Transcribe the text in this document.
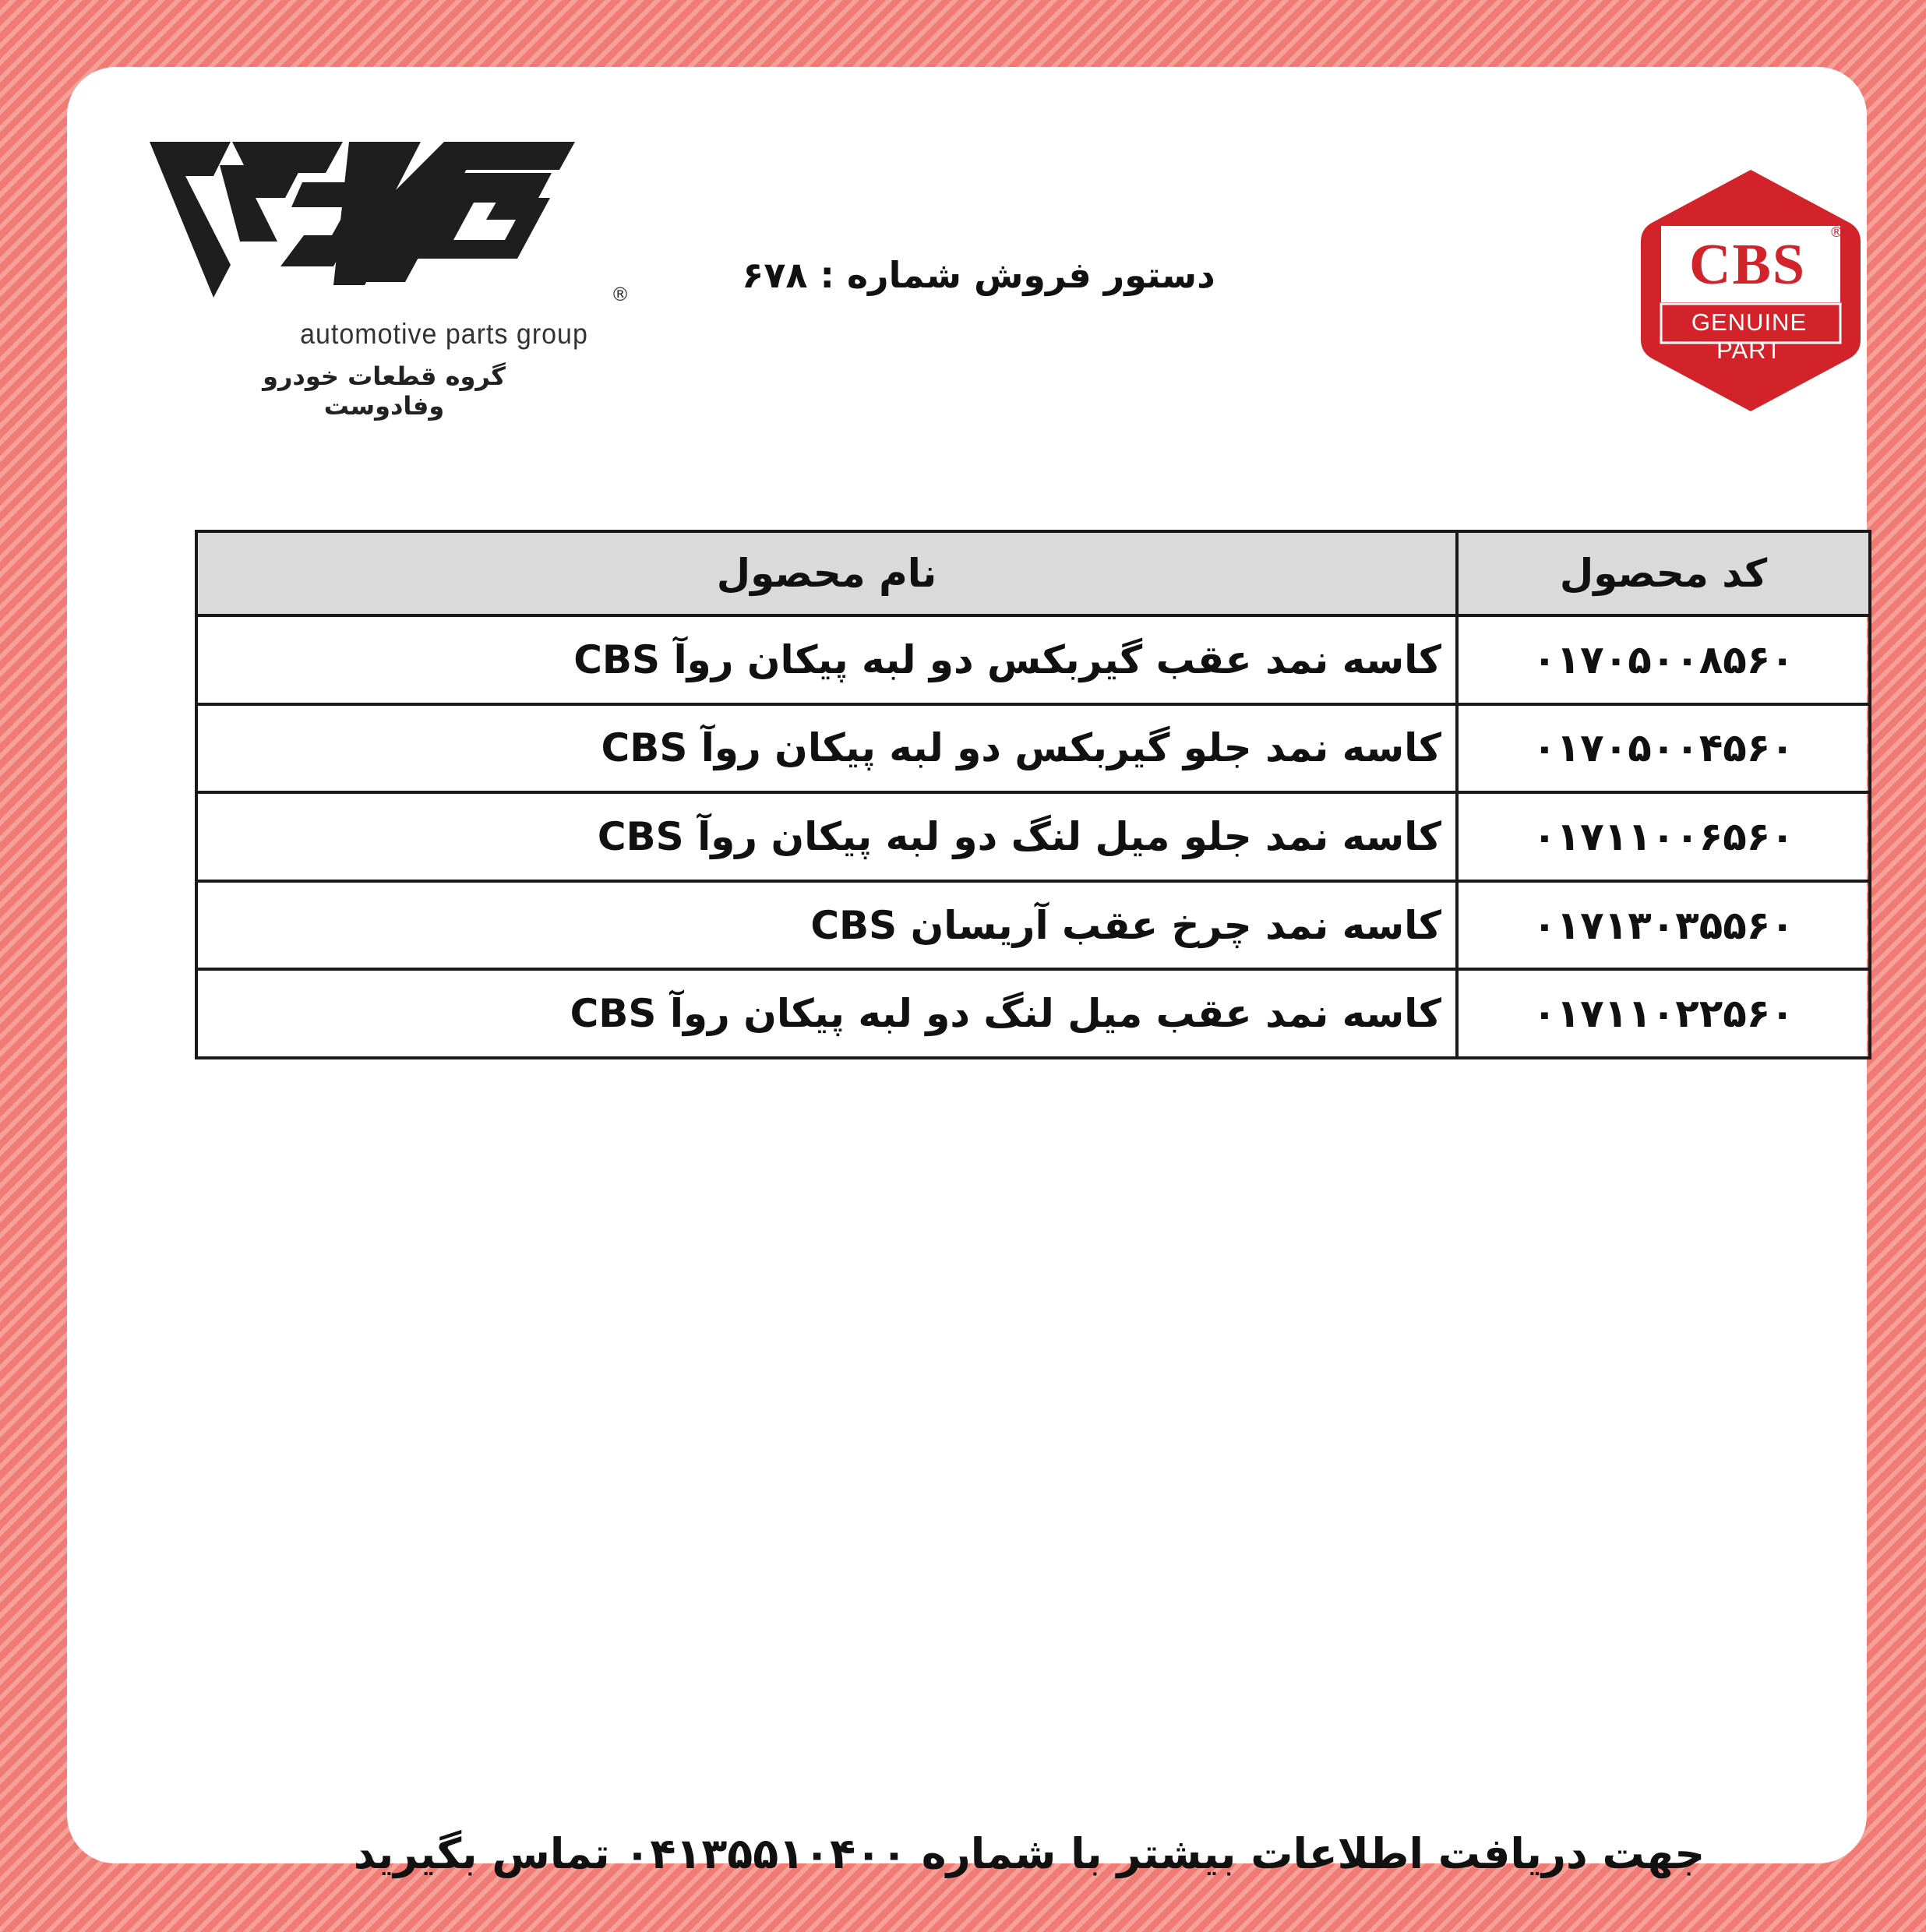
®
automotive parts group
گروه قطعات خودرو وفادوست
دستور فروش شماره : ۶۷۸	CBS
GENUINE PART
®
کد محصول	نام محصول
۰۱۷۰۵۰۰۸۵۶۰	کاسه نمد عقب گیربکس دو لبه پیکان روآ CBS
۰۱۷۰۵۰۰۴۵۶۰	کاسه نمد جلو گیربکس دو لبه پیکان روآ CBS
۰۱۷۱۱۰۰۶۵۶۰	کاسه نمد جلو میل لنگ دو لبه پیکان روآ CBS
۰۱۷۱۳۰۳۵۵۶۰	کاسه نمد چرخ عقب آریسان CBS
۰۱۷۱۱۰۲۲۵۶۰	کاسه نمد عقب میل لنگ دو لبه پیکان روآ CBS
جهت دریافت اطلاعات بیشتر با شماره ۰۴۱۳۵۵۱۰۴۰۰ تماس بگیرید
